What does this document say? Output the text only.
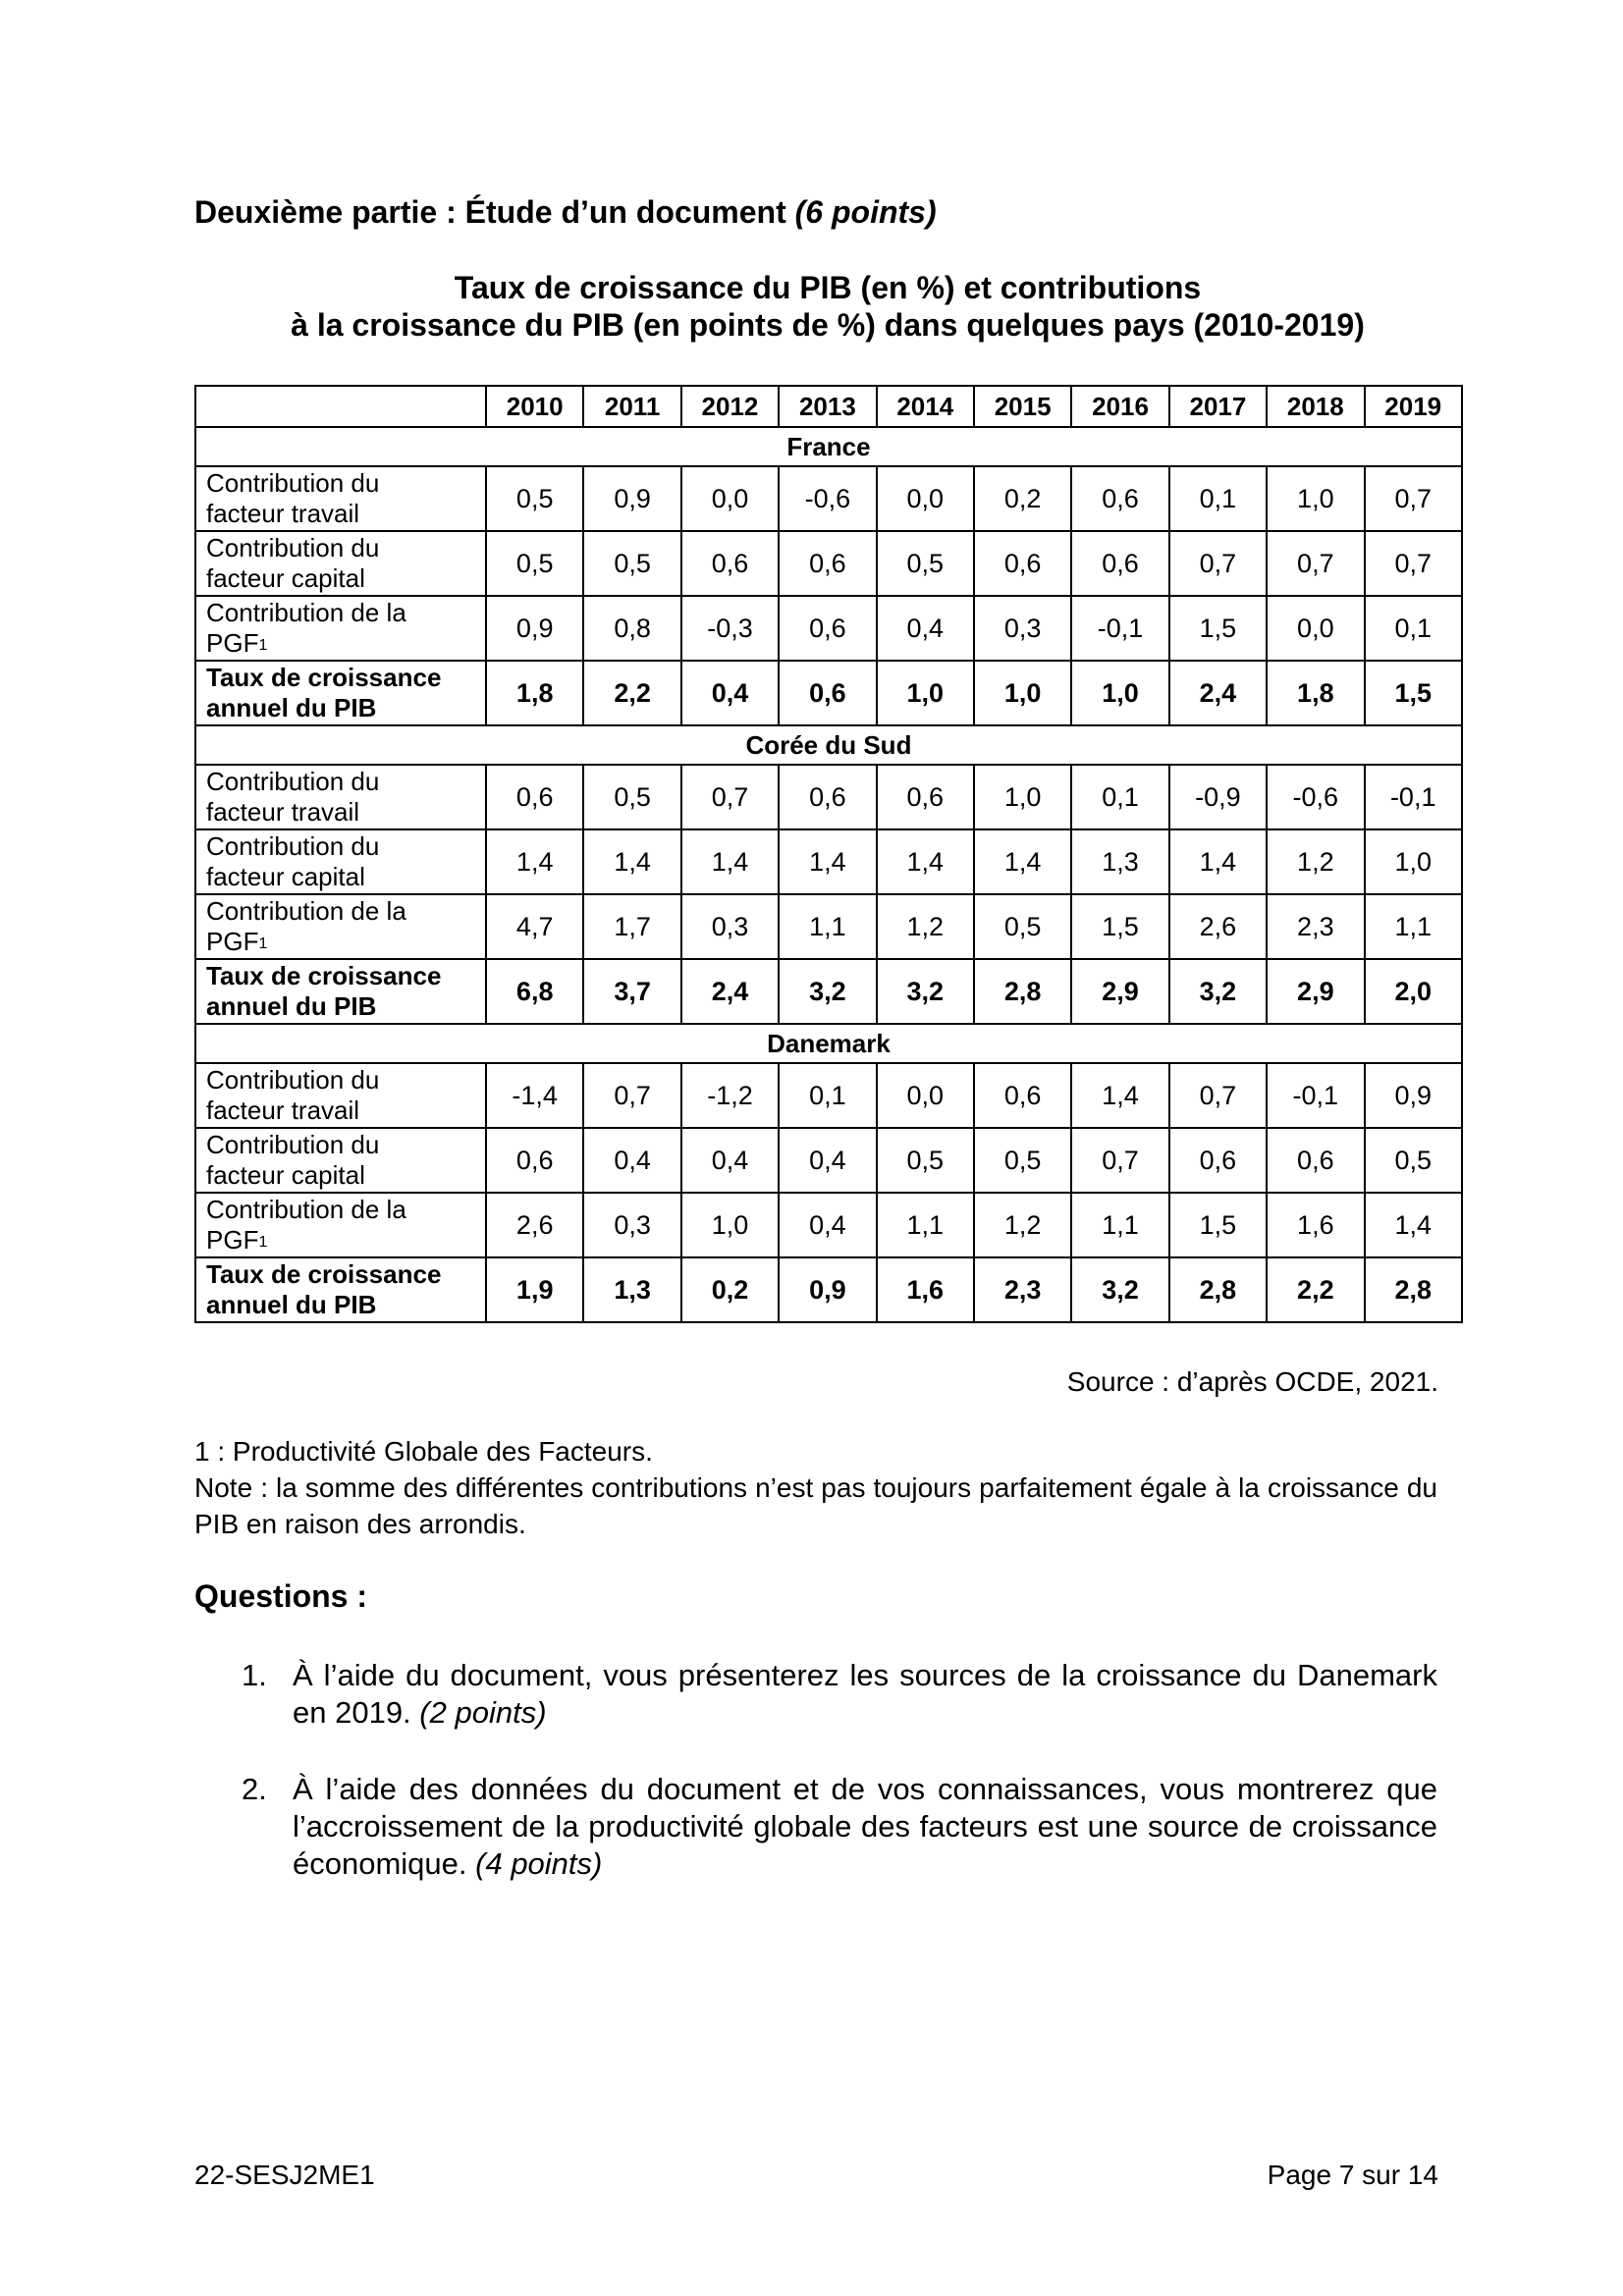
Deuxième partie : Étude d’un document (6 points)
Taux de croissance du PIB (en %) et contributions
à la croissance du PIB (en points de %) dans quelques pays (2010-2019)
	2010	2011	2012	2013	2014	2015	2016	2017	2018	2019
France										
Contribution du
facteur travail	0,5	0,9	0,0	-0,6	0,0	0,2	0,6	0,1	1,0	0,7
Contribution du
facteur capital	0,5	0,5	0,6	0,6	0,5	0,6	0,6	0,7	0,7	0,7
Contribution de la
PGF$^1$	0,9	0,8	-0,3	0,6	0,4	0,3	-0,1	1,5	0,0	0,1
Taux de croissance
annuel du PIB	1,8	2,2	0,4	0,6	1,0	1,0	1,0	2,4	1,8	1,5
Corée du Sud										
Contribution du
facteur travail	0,6	0,5	0,7	0,6	0,6	1,0	0,1	-0,9	-0,6	-0,1
Contribution du
facteur capital	1,4	1,4	1,4	1,4	1,4	1,4	1,3	1,4	1,2	1,0
Contribution de la
PGF$^1$	4,7	1,7	0,3	1,1	1,2	0,5	1,5	2,6	2,3	1,1
Taux de croissance
annuel du PIB	6,8	3,7	2,4	3,2	3,2	2,8	2,9	3,2	2,9	2,0
Danemark										
Contribution du
facteur travail	-1,4	0,7	-1,2	0,1	0,0	0,6	1,4	0,7	-0,1	0,9
Contribution du
facteur capital	0,6	0,4	0,4	0,4	0,5	0,5	0,7	0,6	0,6	0,5
Contribution de la
PGF$^1$	2,6	0,3	1,0	0,4	1,1	1,2	1,1	1,5	1,6	1,4
Taux de croissance
annuel du PIB	1,9	1,3	0,2	0,9	1,6	2,3	3,2	2,8	2,2	2,8
Source : d’après OCDE, 2021.
1 : Productivité Globale des Facteurs.
Note : la somme des différentes contributions n’est pas toujours parfaitement égale à la croissance du PIB en raison des arrondis.
Questions :
1. À l’aide du document, vous présenterez les sources de la croissance du Danemark en 2019. (2 points)
2. À l’aide des données du document et de vos connaissances, vous montrerez que l’accroissement de la productivité globale des facteurs est une source de croissance économique. (4 points)
22-SESJ2ME1	Page 7 sur 14
